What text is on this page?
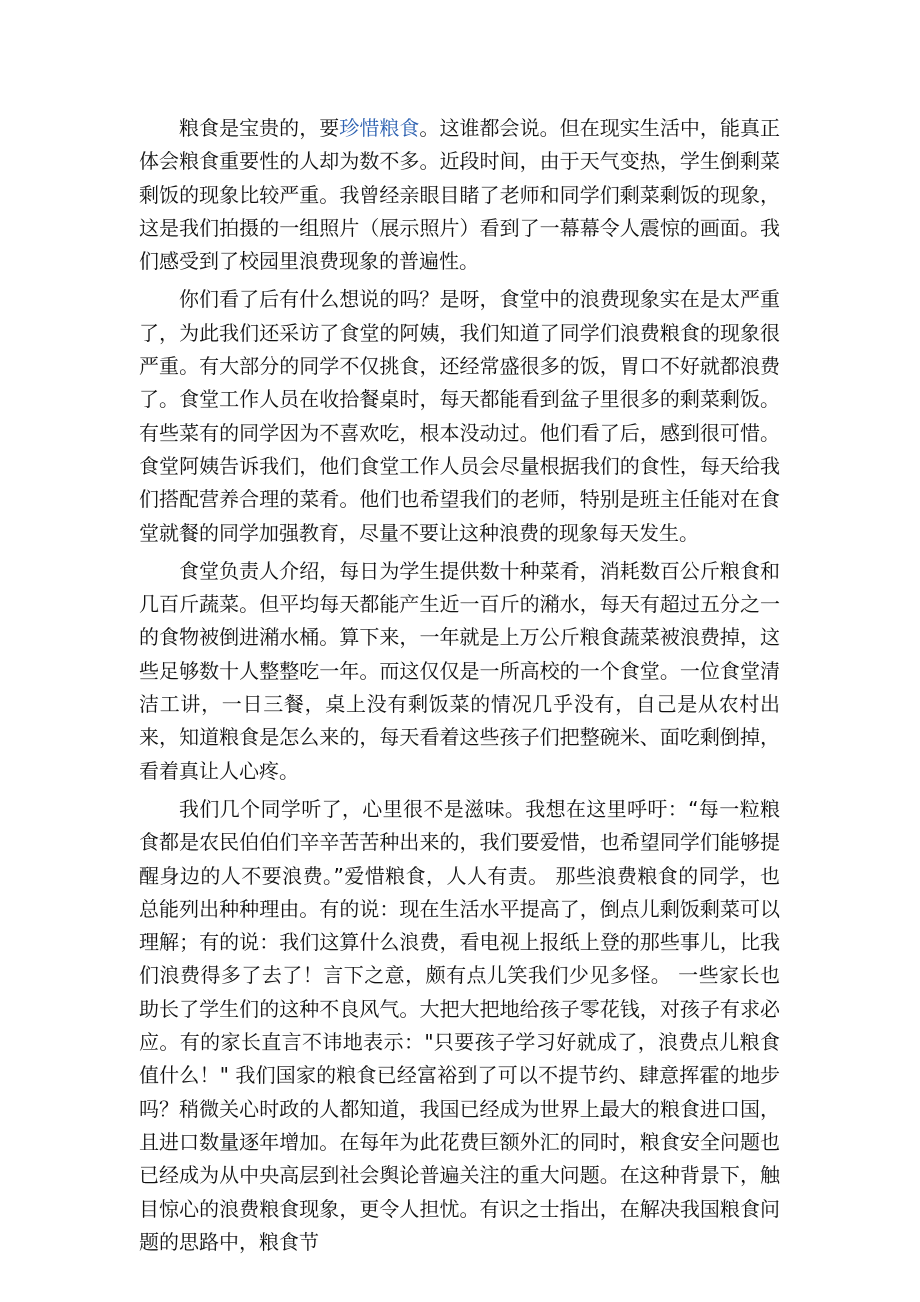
粮食是宝贵的，要珍惜粮食。这谁都会说。但在现实生活中，能真正体会粮食重要性的人却为数不多。近段时间，由于天气变热，学生倒剩菜剩饭的现象比较严重。我曾经亲眼目睹了老师和同学们剩菜剩饭的现象，这是我们拍摄的一组照片（展示照片）看到了一幕幕令人震惊的画面。我们感受到了校园里浪费现象的普遍性。

你们看了后有什么想说的吗？是呀，食堂中的浪费现象实在是太严重了，为此我们还采访了食堂的阿姨，我们知道了同学们浪费粮食的现象很严重。有大部分的同学不仅挑食，还经常盛很多的饭，胃口不好就都浪费了。食堂工作人员在收拾餐桌时，每天都能看到盆子里很多的剩菜剩饭。有些菜有的同学因为不喜欢吃，根本没动过。他们看了后，感到很可惜。食堂阿姨告诉我们，他们食堂工作人员会尽量根据我们的食性，每天给我们搭配营养合理的菜肴。他们也希望我们的老师，特别是班主任能对在食堂就餐的同学加强教育，尽量不要让这种浪费的现象每天发生。

食堂负责人介绍，每日为学生提供数十种菜肴，消耗数百公斤粮食和几百斤蔬菜。但平均每天都能产生近一百斤的潲水，每天有超过五分之一的食物被倒进潲水桶。算下来，一年就是上万公斤粮食蔬菜被浪费掉，这些足够数十人整整吃一年。而这仅仅是一所高校的一个食堂。一位食堂清洁工讲，一日三餐，桌上没有剩饭菜的情况几乎没有，自己是从农村出来，知道粮食是怎么来的，每天看着这些孩子们把整碗米、面吃剩倒掉，看着真让人心疼。

我们几个同学听了，心里很不是滋味。我想在这里呼吁：“每一粒粮食都是农民伯伯们辛辛苦苦种出来的，我们要爱惜，也希望同学们能够提醒身边的人不要浪费。”爱惜粮食，人人有责。 那些浪费粮食的同学，也总能列出种种理由。有的说：现在生活水平提高了，倒点儿剩饭剩菜可以理解；有的说：我们这算什么浪费，看电视上报纸上登的那些事儿，比我们浪费得多了去了！言下之意，颇有点儿笑我们少见多怪。 一些家长也助长了学生们的这种不良风气。大把大把地给孩子零花钱，对孩子有求必应。有的家长直言不讳地表示："只要孩子学习好就成了，浪费点儿粮食值什么！" 我们国家的粮食已经富裕到了可以不提节约、肆意挥霍的地步吗？稍微关心时政的人都知道，我国已经成为世界上最大的粮食进口国，且进口数量逐年增加。在每年为此花费巨额外汇的同时，粮食安全问题也已经成为从中央高层到社会舆论普遍关注的重大问题。在这种背景下，触目惊心的浪费粮食现象，更令人担忧。有识之士指出，在解决我国粮食问题的思路中，粮食节
